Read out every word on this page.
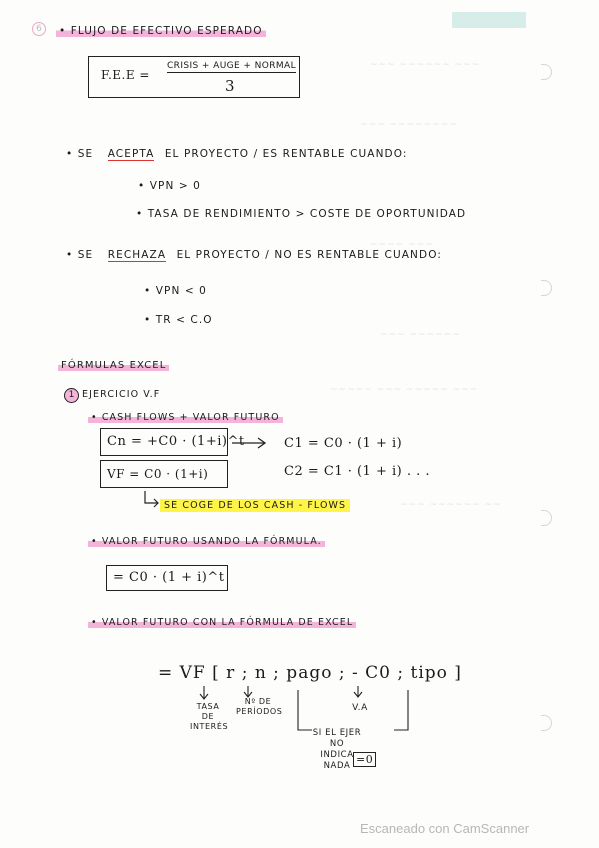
~~~ ~~~~~~ ~~~
~~~ ~~~~~~~~
~~~~ ~~~
~~~ ~~~~~~
~~~~~ ~~~ ~~~~~ ~~~
~~~ ~~~~~~ ~~
6	• FLUJO DE EFECTIVO ESPERADO
F.E.E =
CRISIS + AUGE + NORMAL
3
• SE ACEPTA EL PROYECTO / ES RENTABLE CUANDO:
• VPN > 0
• TASA DE RENDIMIENTO > COSTE DE OPORTUNIDAD
• SE RECHAZA EL PROYECTO / NO ES RENTABLE CUANDO:
• VPN < 0
• TR < C.O
FÓRMULAS EXCEL
1 EJERCICIO V.F
• CASH FLOWS + VALOR FUTURO
Cn = +C0 · (1+i)^t
VF = C0 · (1+i)
C1 = C0 · (1 + i)
C2 = C1 · (1 + i) . . .
SE COGE DE LOS CASH - FLOWS
• VALOR FUTURO USANDO LA FÓRMULA.
= C0 · (1 + i)^t
• VALOR FUTURO CON LA FÓRMULA DE EXCEL
= VF [ r ; n ; pago ; - C0 ; tipo ]
TASA DE INTERÉS
Nº DE PERÍODOS	V.A
SI EL EJER NO INDICA NADA =0
Escaneado con CamScanner
